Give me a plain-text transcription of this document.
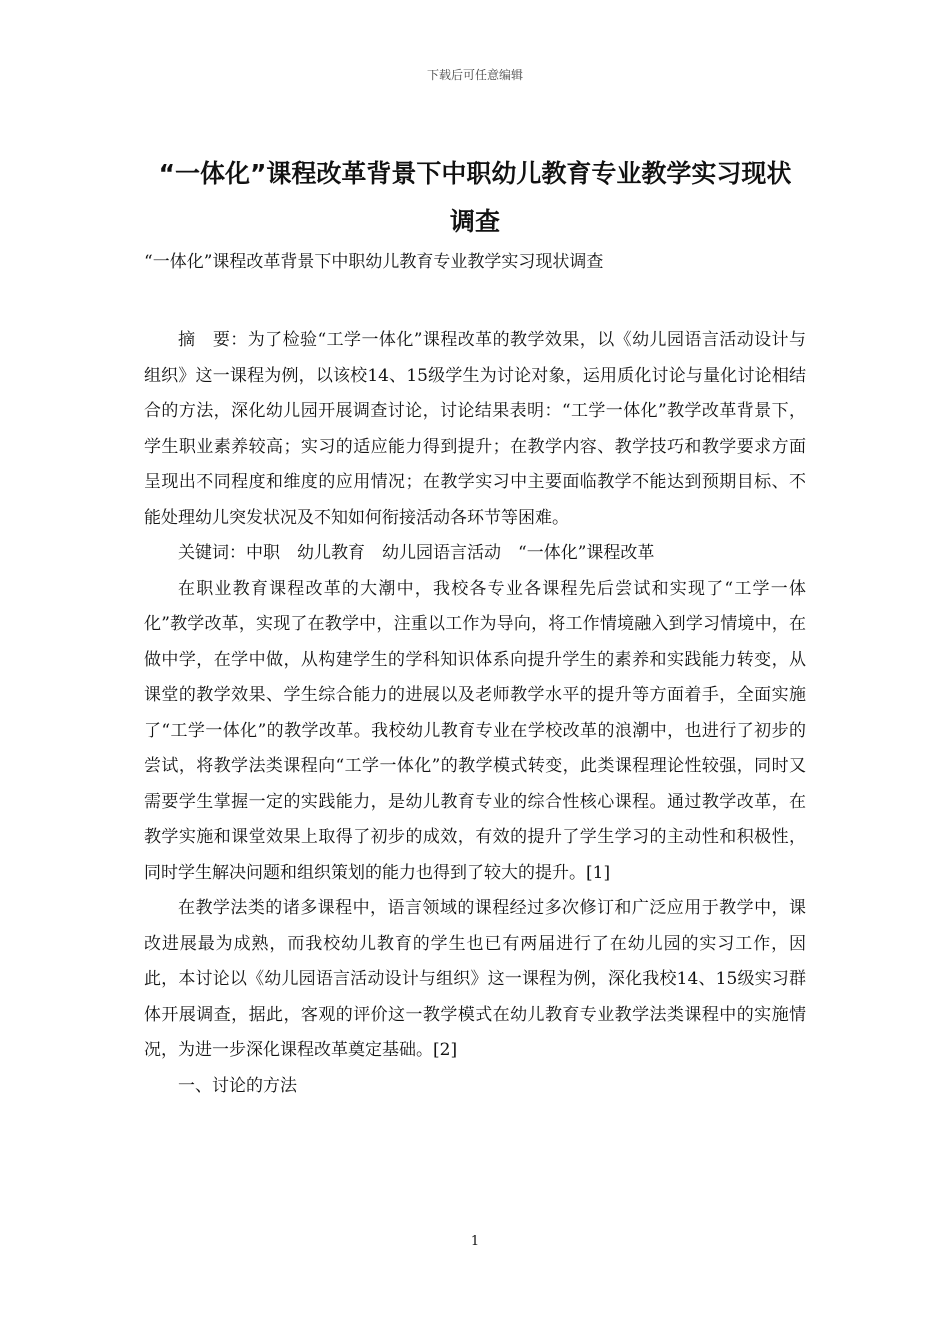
下载后可任意编辑
“一体化”课程改革背景下中职幼儿教育专业教学实习现状
调查
“一体化”课程改革背景下中职幼儿教育专业教学实习现状调查

摘　要：为了检验“工学一体化”课程改革的教学效果，以《幼儿园语言活动设计与组织》这一课程为例，以该校14、15级学生为讨论对象，运用质化讨论与量化讨论相结合的方法，深化幼儿园开展调查讨论，讨论结果表明：“工学一体化”教学改革背景下，学生职业素养较高；实习的适应能力得到提升；在教学内容、教学技巧和教学要求方面呈现出不同程度和维度的应用情况；在教学实习中主要面临教学不能达到预期目标、不能处理幼儿突发状况及不知如何衔接活动各环节等困难。

关键词：中职　幼儿教育　幼儿园语言活动　“一体化”课程改革

在职业教育课程改革的大潮中，我校各专业各课程先后尝试和实现了“工学一体化”教学改革，实现了在教学中，注重以工作为导向，将工作情境融入到学习情境中，在做中学，在学中做，从构建学生的学科知识体系向提升学生的素养和实践能力转变，从课堂的教学效果、学生综合能力的进展以及老师教学水平的提升等方面着手，全面实施了“工学一体化”的教学改革。我校幼儿教育专业在学校改革的浪潮中，也进行了初步的尝试，将教学法类课程向“工学一体化”的教学模式转变，此类课程理论性较强，同时又需要学生掌握一定的实践能力，是幼儿教育专业的综合性核心课程。通过教学改革，在教学实施和课堂效果上取得了初步的成效，有效的提升了学生学习的主动性和积极性，同时学生解决问题和组织策划的能力也得到了较大的提升。[1]

在教学法类的诸多课程中，语言领域的课程经过多次修订和广泛应用于教学中，课改进展最为成熟，而我校幼儿教育的学生也已有两届进行了在幼儿园的实习工作，因此，本讨论以《幼儿园语言活动设计与组织》这一课程为例，深化我校14、15级实习群体开展调查，据此，客观的评价这一教学模式在幼儿教育专业教学法类课程中的实施情况，为进一步深化课程改革奠定基础。[2]

一、讨论的方法

1
